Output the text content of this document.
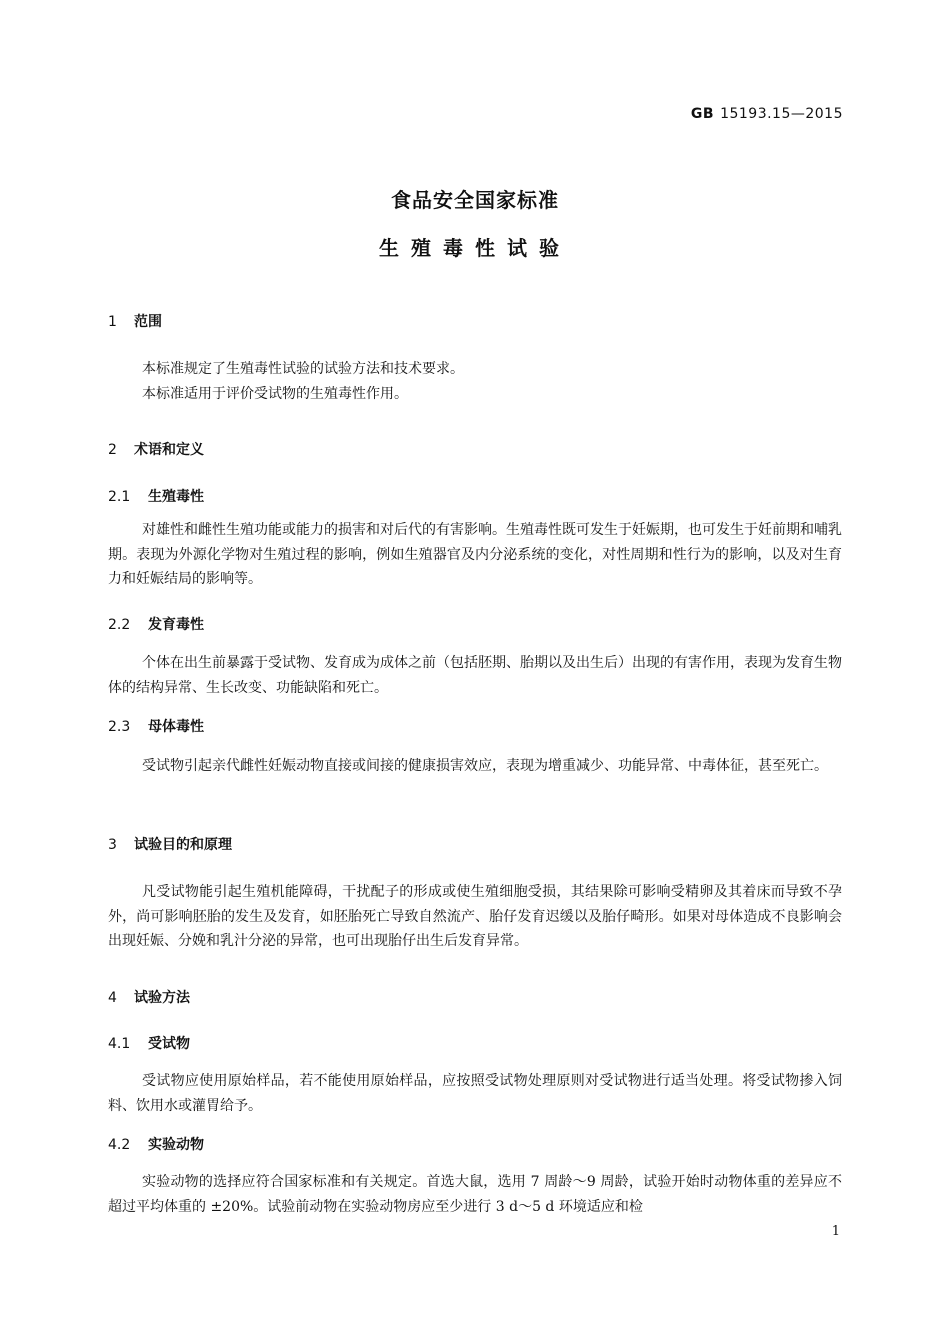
GB 15193.15—2015
食品安全国家标准
生殖毒性试验
1 范围
本标准规定了生殖毒性试验的试验方法和技术要求。
本标准适用于评价受试物的生殖毒性作用。
2 术语和定义
2.1 生殖毒性
对雄性和雌性生殖功能或能力的损害和对后代的有害影响。生殖毒性既可发生于妊娠期，也可发生于妊前期和哺乳期。表现为外源化学物对生殖过程的影响，例如生殖器官及内分泌系统的变化，对性周期和性行为的影响，以及对生育力和妊娠结局的影响等。
2.2 发育毒性
个体在出生前暴露于受试物、发育成为成体之前（包括胚期、胎期以及出生后）出现的有害作用，表现为发育生物体的结构异常、生长改变、功能缺陷和死亡。
2.3 母体毒性
受试物引起亲代雌性妊娠动物直接或间接的健康损害效应，表现为增重减少、功能异常、中毒体征，甚至死亡。
3 试验目的和原理
凡受试物能引起生殖机能障碍，干扰配子的形成或使生殖细胞受损，其结果除可影响受精卵及其着床而导致不孕外，尚可影响胚胎的发生及发育，如胚胎死亡导致自然流产、胎仔发育迟缓以及胎仔畸形。如果对母体造成不良影响会出现妊娠、分娩和乳汁分泌的异常，也可出现胎仔出生后发育异常。
4 试验方法
4.1 受试物
受试物应使用原始样品，若不能使用原始样品，应按照受试物处理原则对受试物进行适当处理。将受试物掺入饲料、饮用水或灌胃给予。
4.2 实验动物
实验动物的选择应符合国家标准和有关规定。首选大鼠，选用 7 周龄～9 周龄，试验开始时动物体重的差异应不超过平均体重的 ±20%。试验前动物在实验动物房应至少进行 3 d～5 d 环境适应和检
1
